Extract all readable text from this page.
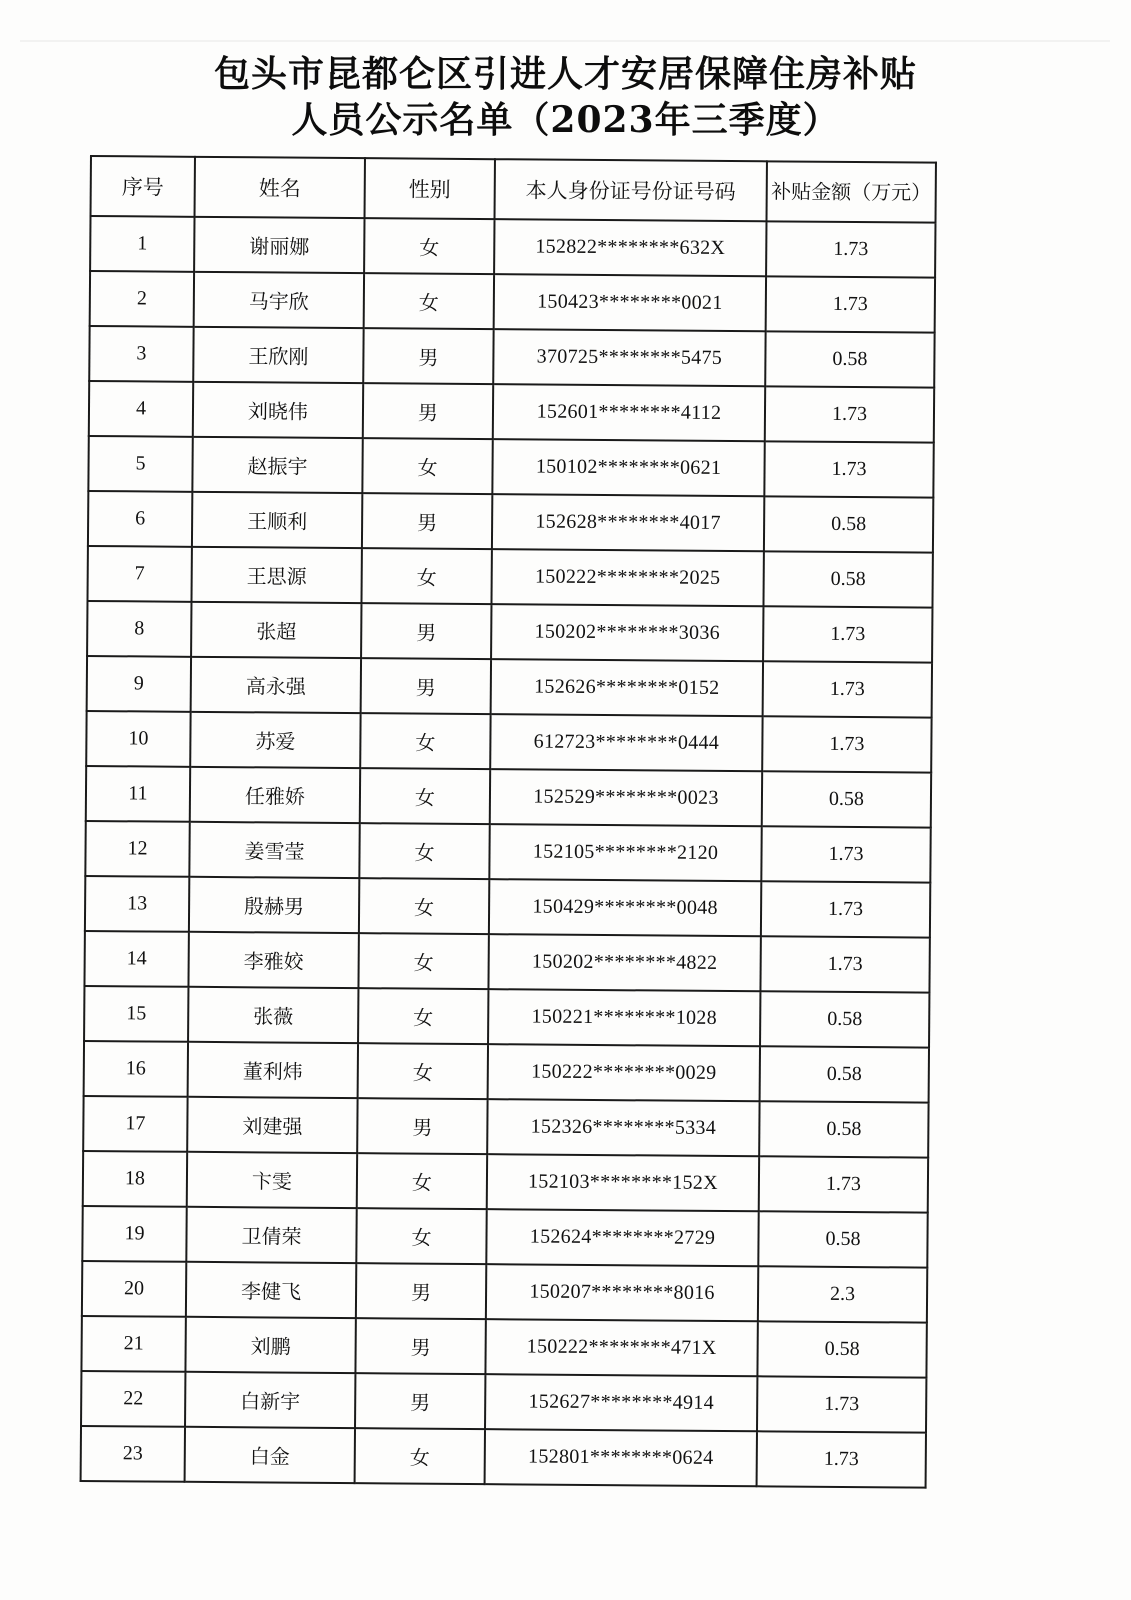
包头市昆都仑区引进人才安居保障住房补贴
人员公示名单（2023年三季度）
序号	姓名	性别	本人身份证号份证号码	补贴金额（万元）
1	谢丽娜	女	152822********632X	1.73
2	马宇欣	女	150423********0021	1.73
3	王欣刚	男	370725********5475	0.58
4	刘晓伟	男	152601********4112	1.73
5	赵振宇	女	150102********0621	1.73
6	王顺利	男	152628********4017	0.58
7	王思源	女	150222********2025	0.58
8	张超	男	150202********3036	1.73
9	高永强	男	152626********0152	1.73
10	苏爱	女	612723********0444	1.73
11	任雅娇	女	152529********0023	0.58
12	姜雪莹	女	152105********2120	1.73
13	殷赫男	女	150429********0048	1.73
14	李雅姣	女	150202********4822	1.73
15	张薇	女	150221********1028	0.58
16	董利炜	女	150222********0029	0.58
17	刘建强	男	152326********5334	0.58
18	卞雯	女	152103********152X	1.73
19	卫倩荣	女	152624********2729	0.58
20	李健飞	男	150207********8016	2.3
21	刘鹏	男	150222********471X	0.58
22	白新宇	男	152627********4914	1.73
23	白金	女	152801********0624	1.73
